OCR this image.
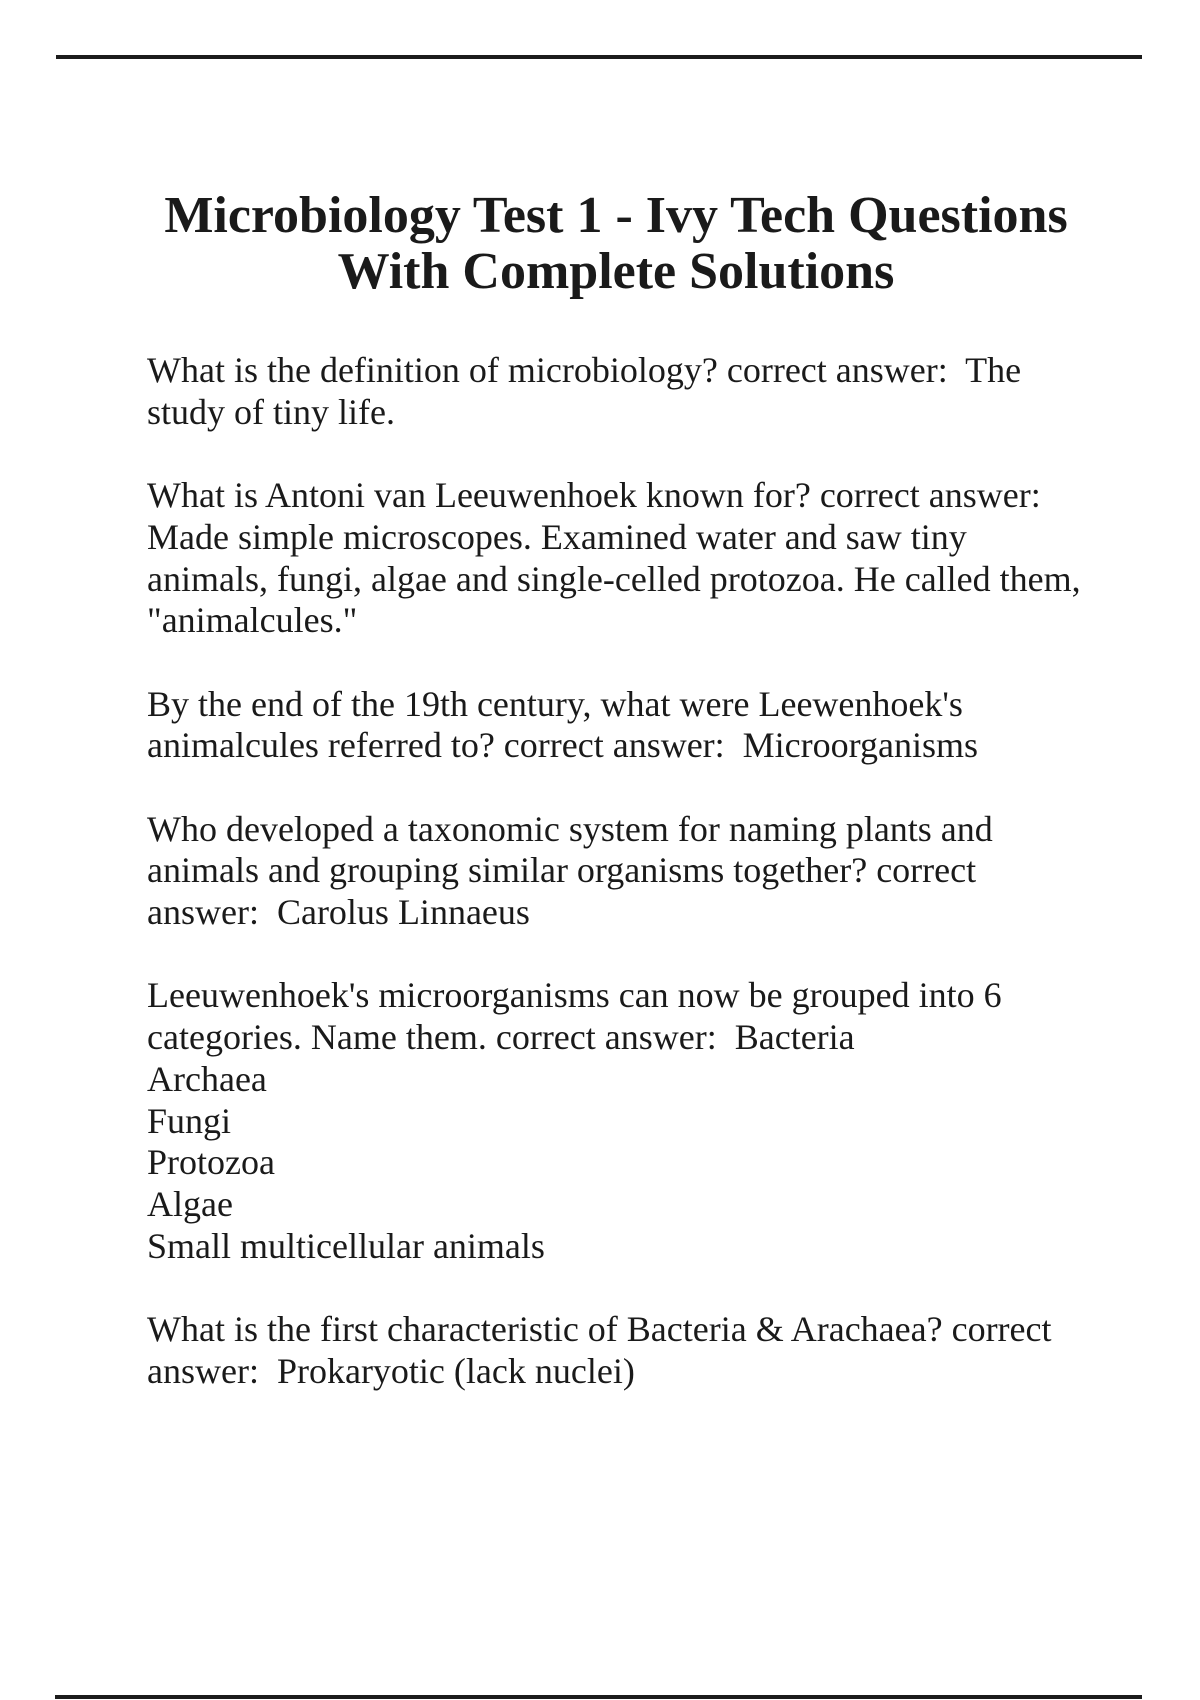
Microbiology Test 1 - Ivy Tech Questions
With Complete Solutions

What is the definition of microbiology? correct answer:  The
study of tiny life.

What is Antoni van Leeuwenhoek known for? correct answer:
Made simple microscopes. Examined water and saw tiny
animals, fungi, algae and single-celled protozoa. He called them,
"animalcules."

By the end of the 19th century, what were Leewenhoek's
animalcules referred to? correct answer:  Microorganisms

Who developed a taxonomic system for naming plants and
animals and grouping similar organisms together? correct
answer:  Carolus Linnaeus

Leeuwenhoek's microorganisms can now be grouped into 6
categories. Name them. correct answer:  Bacteria
Archaea
Fungi
Protozoa
Algae
Small multicellular animals

What is the first characteristic of Bacteria & Arachaea? correct
answer:  Prokaryotic (lack nuclei)
